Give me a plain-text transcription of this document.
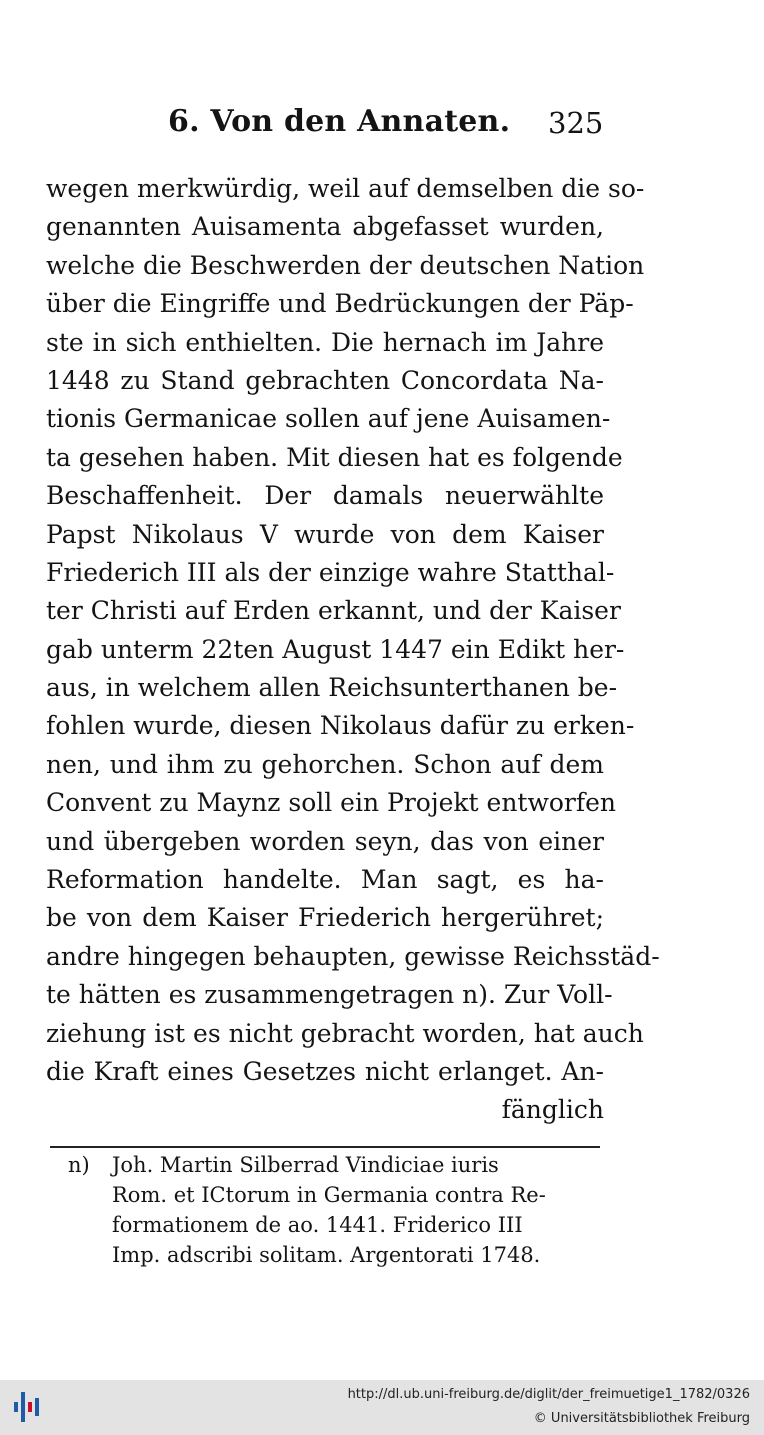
6. Von den Annaten. 325
wegen merkwürdig, weil auf demselben die so-
genannten Auisamenta abgefasset wurden,
welche die Beschwerden der deutschen Nation
über die Eingriffe und Bedrückungen der Päp-
ste in sich enthielten. Die hernach im Jahre
1448 zu Stand gebrachten Concordata Na-
tionis Germanicae sollen auf jene Auisamen-
ta gesehen haben. Mit diesen hat es folgende
Beschaffenheit. Der damals neuerwählte
Papst Nikolaus V wurde von dem Kaiser
Friederich III als der einzige wahre Statthal-
ter Christi auf Erden erkannt, und der Kaiser
gab unterm 22ten August 1447 ein Edikt her-
aus, in welchem allen Reichsunterthanen be-
fohlen wurde, diesen Nikolaus dafür zu erken-
nen, und ihm zu gehorchen. Schon auf dem
Convent zu Maynz soll ein Projekt entworfen
und übergeben worden seyn, das von einer
Reformation handelte. Man sagt, es ha-
be von dem Kaiser Friederich hergerühret;
andre hingegen behaupten, gewisse Reichsstäd-
te hätten es zusammengetragen n). Zur Voll-
ziehung ist es nicht gebracht worden, hat auch
die Kraft eines Gesetzes nicht erlanget. An-
fänglich
n) Joh. Martin Silberrad Vindiciae iuris
Rom. et ICtorum in Germania contra Re-
formationem de ao. 1441. Friderico III
Imp. adscribi solitam. Argentorati 1748.
http://dl.ub.uni-freiburg.de/diglit/der_freimuetige1_1782/0326
© Universitätsbibliothek Freiburg
